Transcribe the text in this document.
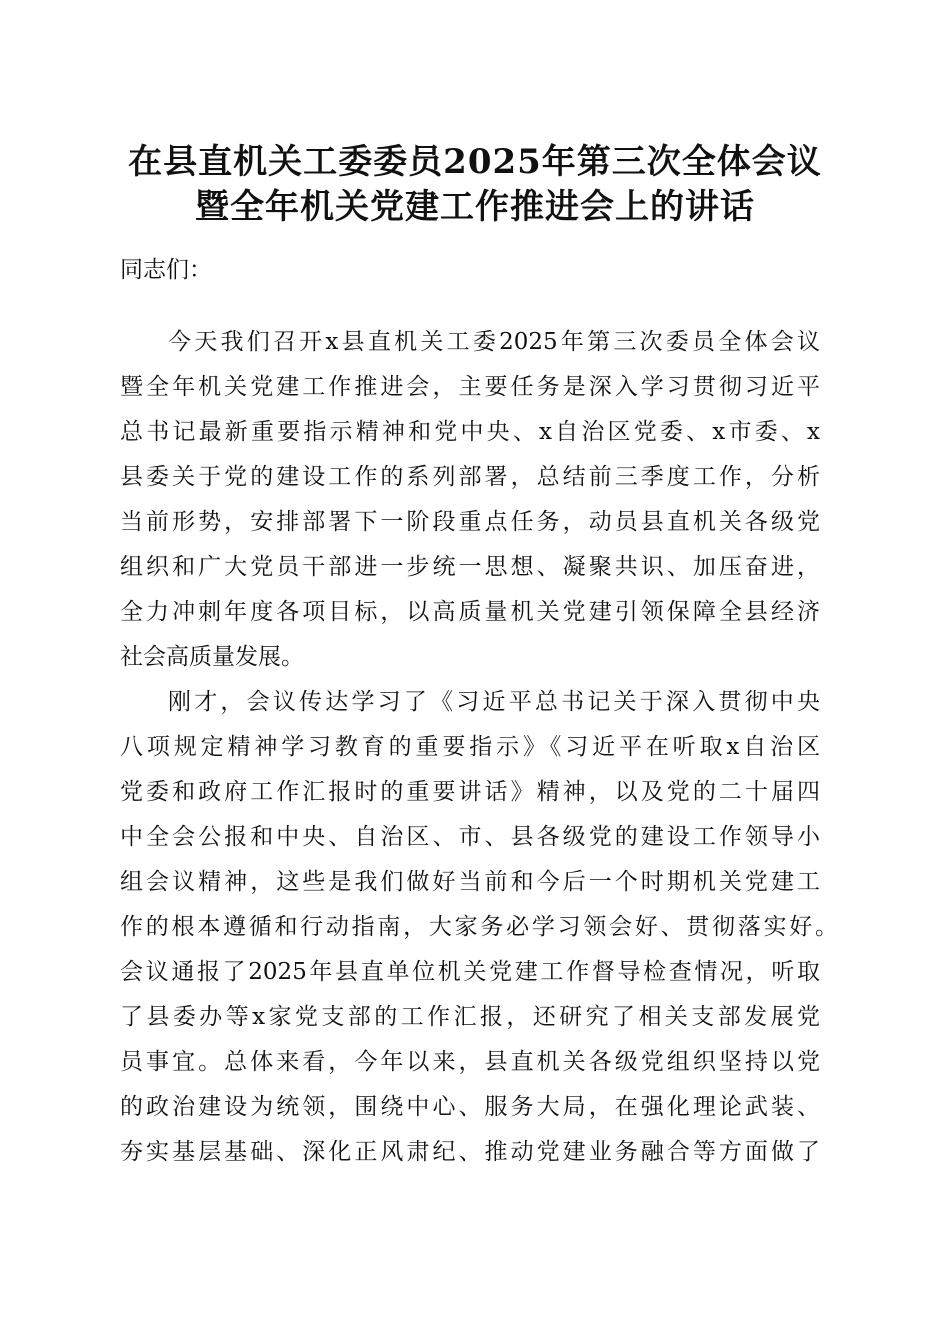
在县直机关工委委员2025年第三次全体会议
暨全年机关党建工作推进会上的讲话
同志们：
今天我们召开x县直机关工委2025年第三次委员全体会议
暨全年机关党建工作推进会，主要任务是深入学习贯彻习近平
总书记最新重要指示精神和党中央、x自治区党委、x市委、x
县委关于党的建设工作的系列部署，总结前三季度工作，分析
当前形势，安排部署下一阶段重点任务，动员县直机关各级党
组织和广大党员干部进一步统一思想、凝聚共识、加压奋进，
全力冲刺年度各项目标，以高质量机关党建引领保障全县经济
社会高质量发展。
刚才，会议传达学习了《习近平总书记关于深入贯彻中央
八项规定精神学习教育的重要指示》《习近平在听取x自治区
党委和政府工作汇报时的重要讲话》精神，以及党的二十届四
中全会公报和中央、自治区、市、县各级党的建设工作领导小
组会议精神，这些是我们做好当前和今后一个时期机关党建工
作的根本遵循和行动指南，大家务必学习领会好、贯彻落实好。
会议通报了2025年县直单位机关党建工作督导检查情况，听取
了县委办等x家党支部的工作汇报，还研究了相关支部发展党
员事宜。总体来看，今年以来，县直机关各级党组织坚持以党
的政治建设为统领，围绕中心、服务大局，在强化理论武装、
夯实基层基础、深化正风肃纪、推动党建业务融合等方面做了
